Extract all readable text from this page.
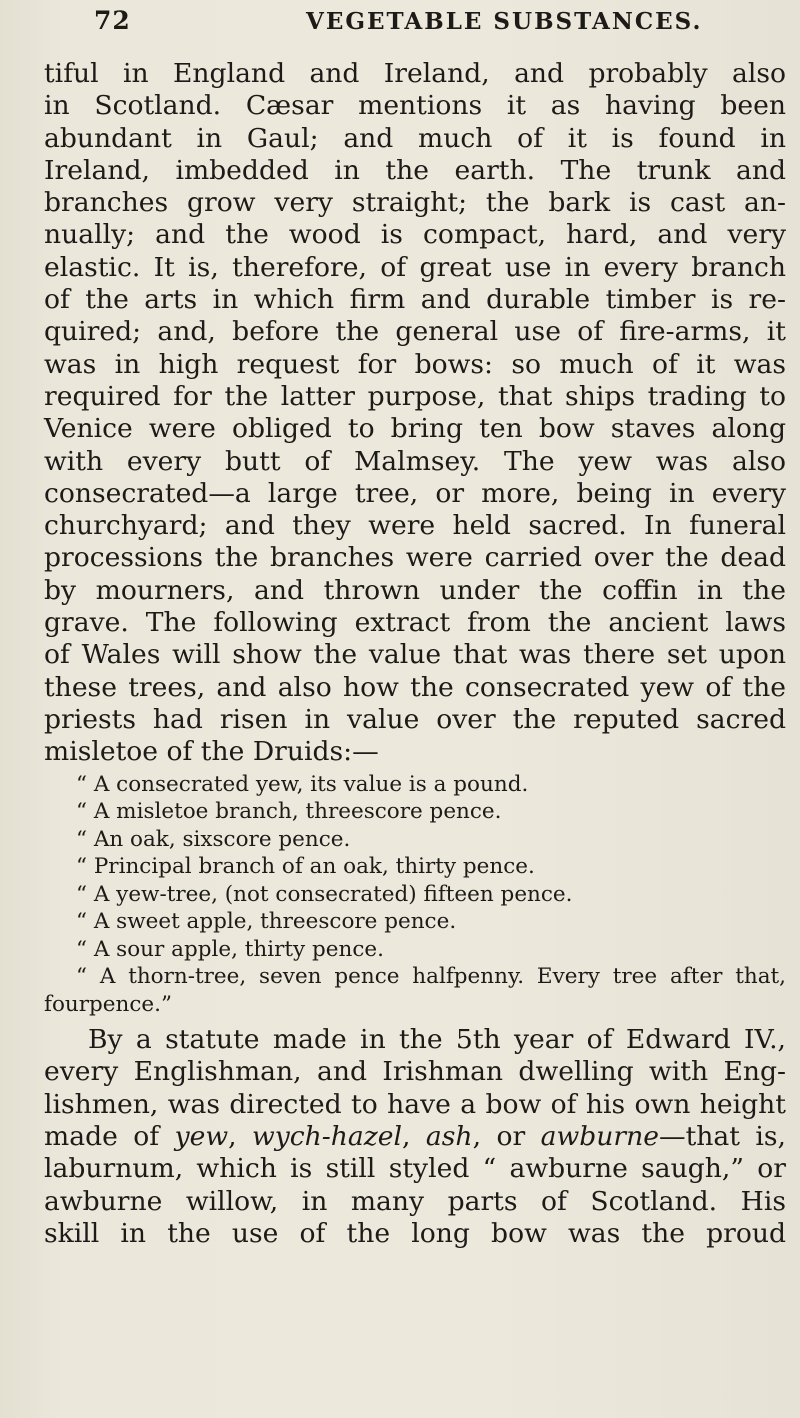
72	VEGETABLE SUBSTANCES.

tiful in England and Ireland, and probably also
in Scotland. Cæsar mentions it as having been
abundant in Gaul; and much of it is found in
Ireland, imbedded in the earth. The trunk and
branches grow very straight; the bark is cast an-
nually; and the wood is compact, hard, and very
elastic. It is, therefore, of great use in every branch
of the arts in which firm and durable timber is re-
quired; and, before the general use of fire-arms, it
was in high request for bows: so much of it was
required for the latter purpose, that ships trading to
Venice were obliged to bring ten bow staves along
with every butt of Malmsey. The yew was also
consecrated—a large tree, or more, being in every
churchyard; and they were held sacred. In funeral
processions the branches were carried over the dead
by mourners, and thrown under the coffin in the
grave. The following extract from the ancient laws
of Wales will show the value that was there set upon
these trees, and also how the consecrated yew of the
priests had risen in value over the reputed sacred
misletoe of the Druids:—

“ A consecrated yew, its value is a pound.
“ A misletoe branch, threescore pence.
“ An oak, sixscore pence.
“ Principal branch of an oak, thirty pence.
“ A yew-tree, (not consecrated) fifteen pence.
“ A sweet apple, threescore pence.
“ A sour apple, thirty pence.
“ A thorn-tree, seven pence halfpenny. Every tree after that,
fourpence.”

By a statute made in the 5th year of Edward IV.,
every Englishman, and Irishman dwelling with Eng-
lishmen, was directed to have a bow of his own height
made of yew, wych-hazel, ash, or awburne—that is,
laburnum, which is still styled “ awburne saugh,” or
awburne willow, in many parts of Scotland. His
skill in the use of the long bow was the proud
